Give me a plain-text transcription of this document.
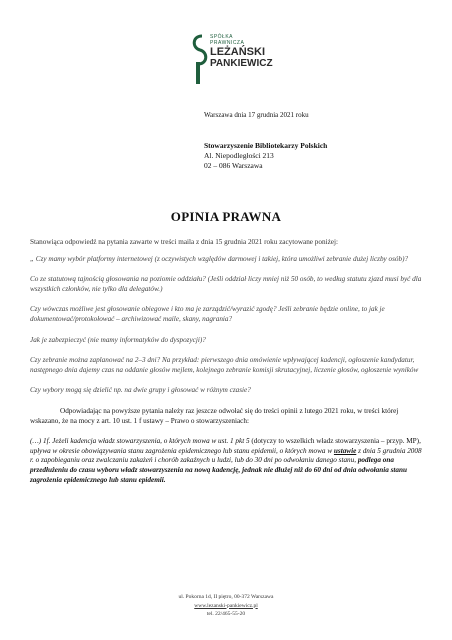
SPÓŁKA
PRAWNICZA
LEŻAŃSKI
PANKIEWICZ
Warszawa dnia 17 grudnia 2021 roku
Stowarzyszenie Bibliotekarzy Polskich
Al. Niepodległości 213
02 – 086 Warszawa
OPINIA PRAWNA

Stanowiąca odpowiedź na pytania zawarte w treści maila z dnia 15 grudnia 2021 roku zacytowane poniżej:

„ Czy mamy wybór platformy internetowej (z oczywistych względów darmowej i takiej, która umożliwi zebranie dużej liczby osób)?

Co ze statutową tajnością głosowania na poziomie oddziału? (Jeśli oddział liczy mniej niż 50 osób, to według statutu zjazd musi być dla wszystkich członków, nie tylko dla delegatów.)

Czy wówczas możliwe jest głosowanie obiegowe i kto ma je zarządzić/wyrazić zgodę? Jeśli zebranie będzie online, to jak je dokumentować/protokołować – archiwizować maile, skany, nagrania?

Jak je zabezpieczyć (nie mamy informatyków do dyspozycji)?

Czy zebranie można zaplanować na 2–3 dni? Na przykład: pierwszego dnia omówienie wpływającej kadencji, ogłoszenie kandydatur, następnego dnia dajemy czas na oddanie głosów mejlem, kolejnego zebranie komisji skrutacyjnej, liczenie głosów, ogłoszenie wyników

Czy wybory mogą się dzielić np. na dwie grupy i głosować w różnym czasie?

Odpowiadając na powyższe pytania należy raz jeszcze odwołać się do treści opinii z lutego 2021 roku, w treści której wskazano, że na mocy z art. 10 ust. 1 f ustawy – Prawo o stowarzyszeniach:

(…) 1f. Jeżeli kadencja władz stowarzyszenia, o których mowa w ust. 1 pkt 5 (dotyczy to wszelkich władz stowarzyszenia – przyp. MP), upływa w okresie obowiązywania stanu zagrożenia epidemicznego lub stanu epidemii, o których mowa w ustawie z dnia 5 grudnia 2008 r. o zapobieganiu oraz zwalczaniu zakażeń i chorób zakaźnych u ludzi, lub do 30 dni po odwołaniu danego stanu, podlega ona przedłużeniu do czasu wyboru władz stowarzyszenia na nową kadencję, jednak nie dłużej niż do 60 dni od dnia odwołania stanu zagrożenia epidemicznego lub stanu epidemii.

ul. Pokorna 1d, II piętro, 00-372 Warszawa
www.lezanski-pankiewicz.pl
tel. 22/465-55-20
